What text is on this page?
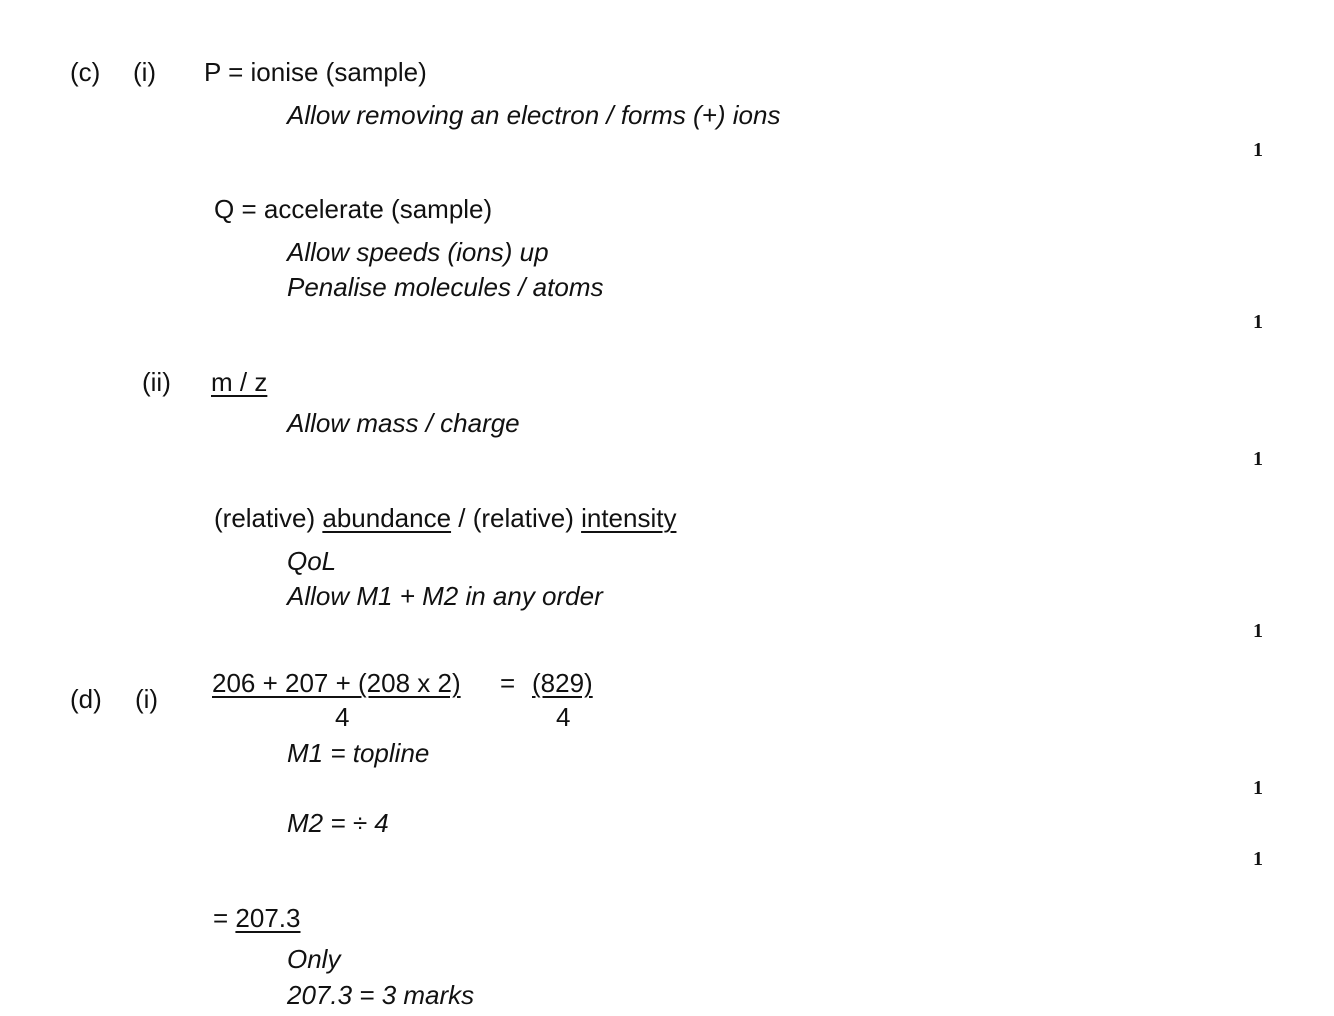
(c) (i) P = ionise (sample)
Allow removing an electron / forms (+) ions
1
Q = accelerate (sample)
Allow speeds (ions) up
Penalise molecules / atoms
1
(ii) m / z
Allow mass / charge
1
(relative) abundance / (relative) intensity
QoL
Allow M1 + M2 in any order
1
(d) (i)
206 + 207 + (208 x 2) = (829)
4	4
M1 = topline
1
M2 = ÷ 4
1
= 207.3
Only
207.3 = 3 marks
